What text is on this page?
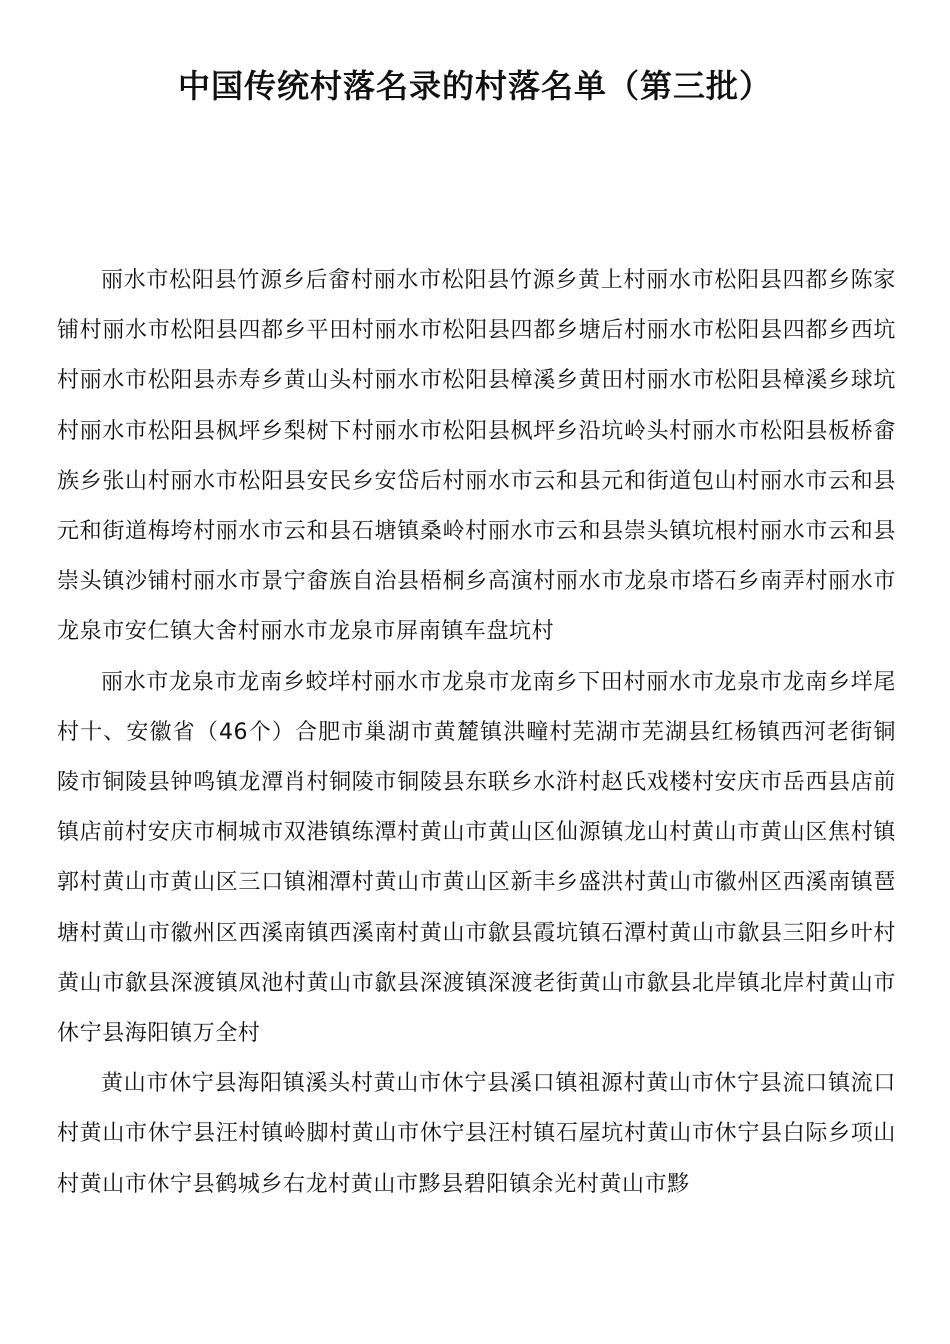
中国传统村落名录的村落名单（第三批）

丽水市松阳县竹源乡后畲村丽水市松阳县竹源乡黄上村丽水市松阳县四都乡陈家铺村丽水市松阳县四都乡平田村丽水市松阳县四都乡塘后村丽水市松阳县四都乡西坑村丽水市松阳县赤寿乡黄山头村丽水市松阳县樟溪乡黄田村丽水市松阳县樟溪乡球坑村丽水市松阳县枫坪乡梨树下村丽水市松阳县枫坪乡沿坑岭头村丽水市松阳县板桥畲族乡张山村丽水市松阳县安民乡安岱后村丽水市云和县元和街道包山村丽水市云和县元和街道梅垮村丽水市云和县石塘镇桑岭村丽水市云和县崇头镇坑根村丽水市云和县崇头镇沙铺村丽水市景宁畲族自治县梧桐乡高演村丽水市龙泉市塔石乡南弄村丽水市龙泉市安仁镇大舍村丽水市龙泉市屏南镇车盘坑村

丽水市龙泉市龙南乡蛟垟村丽水市龙泉市龙南乡下田村丽水市龙泉市龙南乡垟尾村十、安徽省（46个）合肥市巢湖市黄麓镇洪疃村芜湖市芜湖县红杨镇西河老街铜陵市铜陵县钟鸣镇龙潭肖村铜陵市铜陵县东联乡水浒村赵氏戏楼村安庆市岳西县店前镇店前村安庆市桐城市双港镇练潭村黄山市黄山区仙源镇龙山村黄山市黄山区焦村镇郭村黄山市黄山区三口镇湘潭村黄山市黄山区新丰乡盛洪村黄山市徽州区西溪南镇琶塘村黄山市徽州区西溪南镇西溪南村黄山市歙县霞坑镇石潭村黄山市歙县三阳乡叶村黄山市歙县深渡镇凤池村黄山市歙县深渡镇深渡老街黄山市歙县北岸镇北岸村黄山市休宁县海阳镇万全村

黄山市休宁县海阳镇溪头村黄山市休宁县溪口镇祖源村黄山市休宁县流口镇流口村黄山市休宁县汪村镇岭脚村黄山市休宁县汪村镇石屋坑村黄山市休宁县白际乡项山村黄山市休宁县鹤城乡右龙村黄山市黟县碧阳镇余光村黄山市黟
